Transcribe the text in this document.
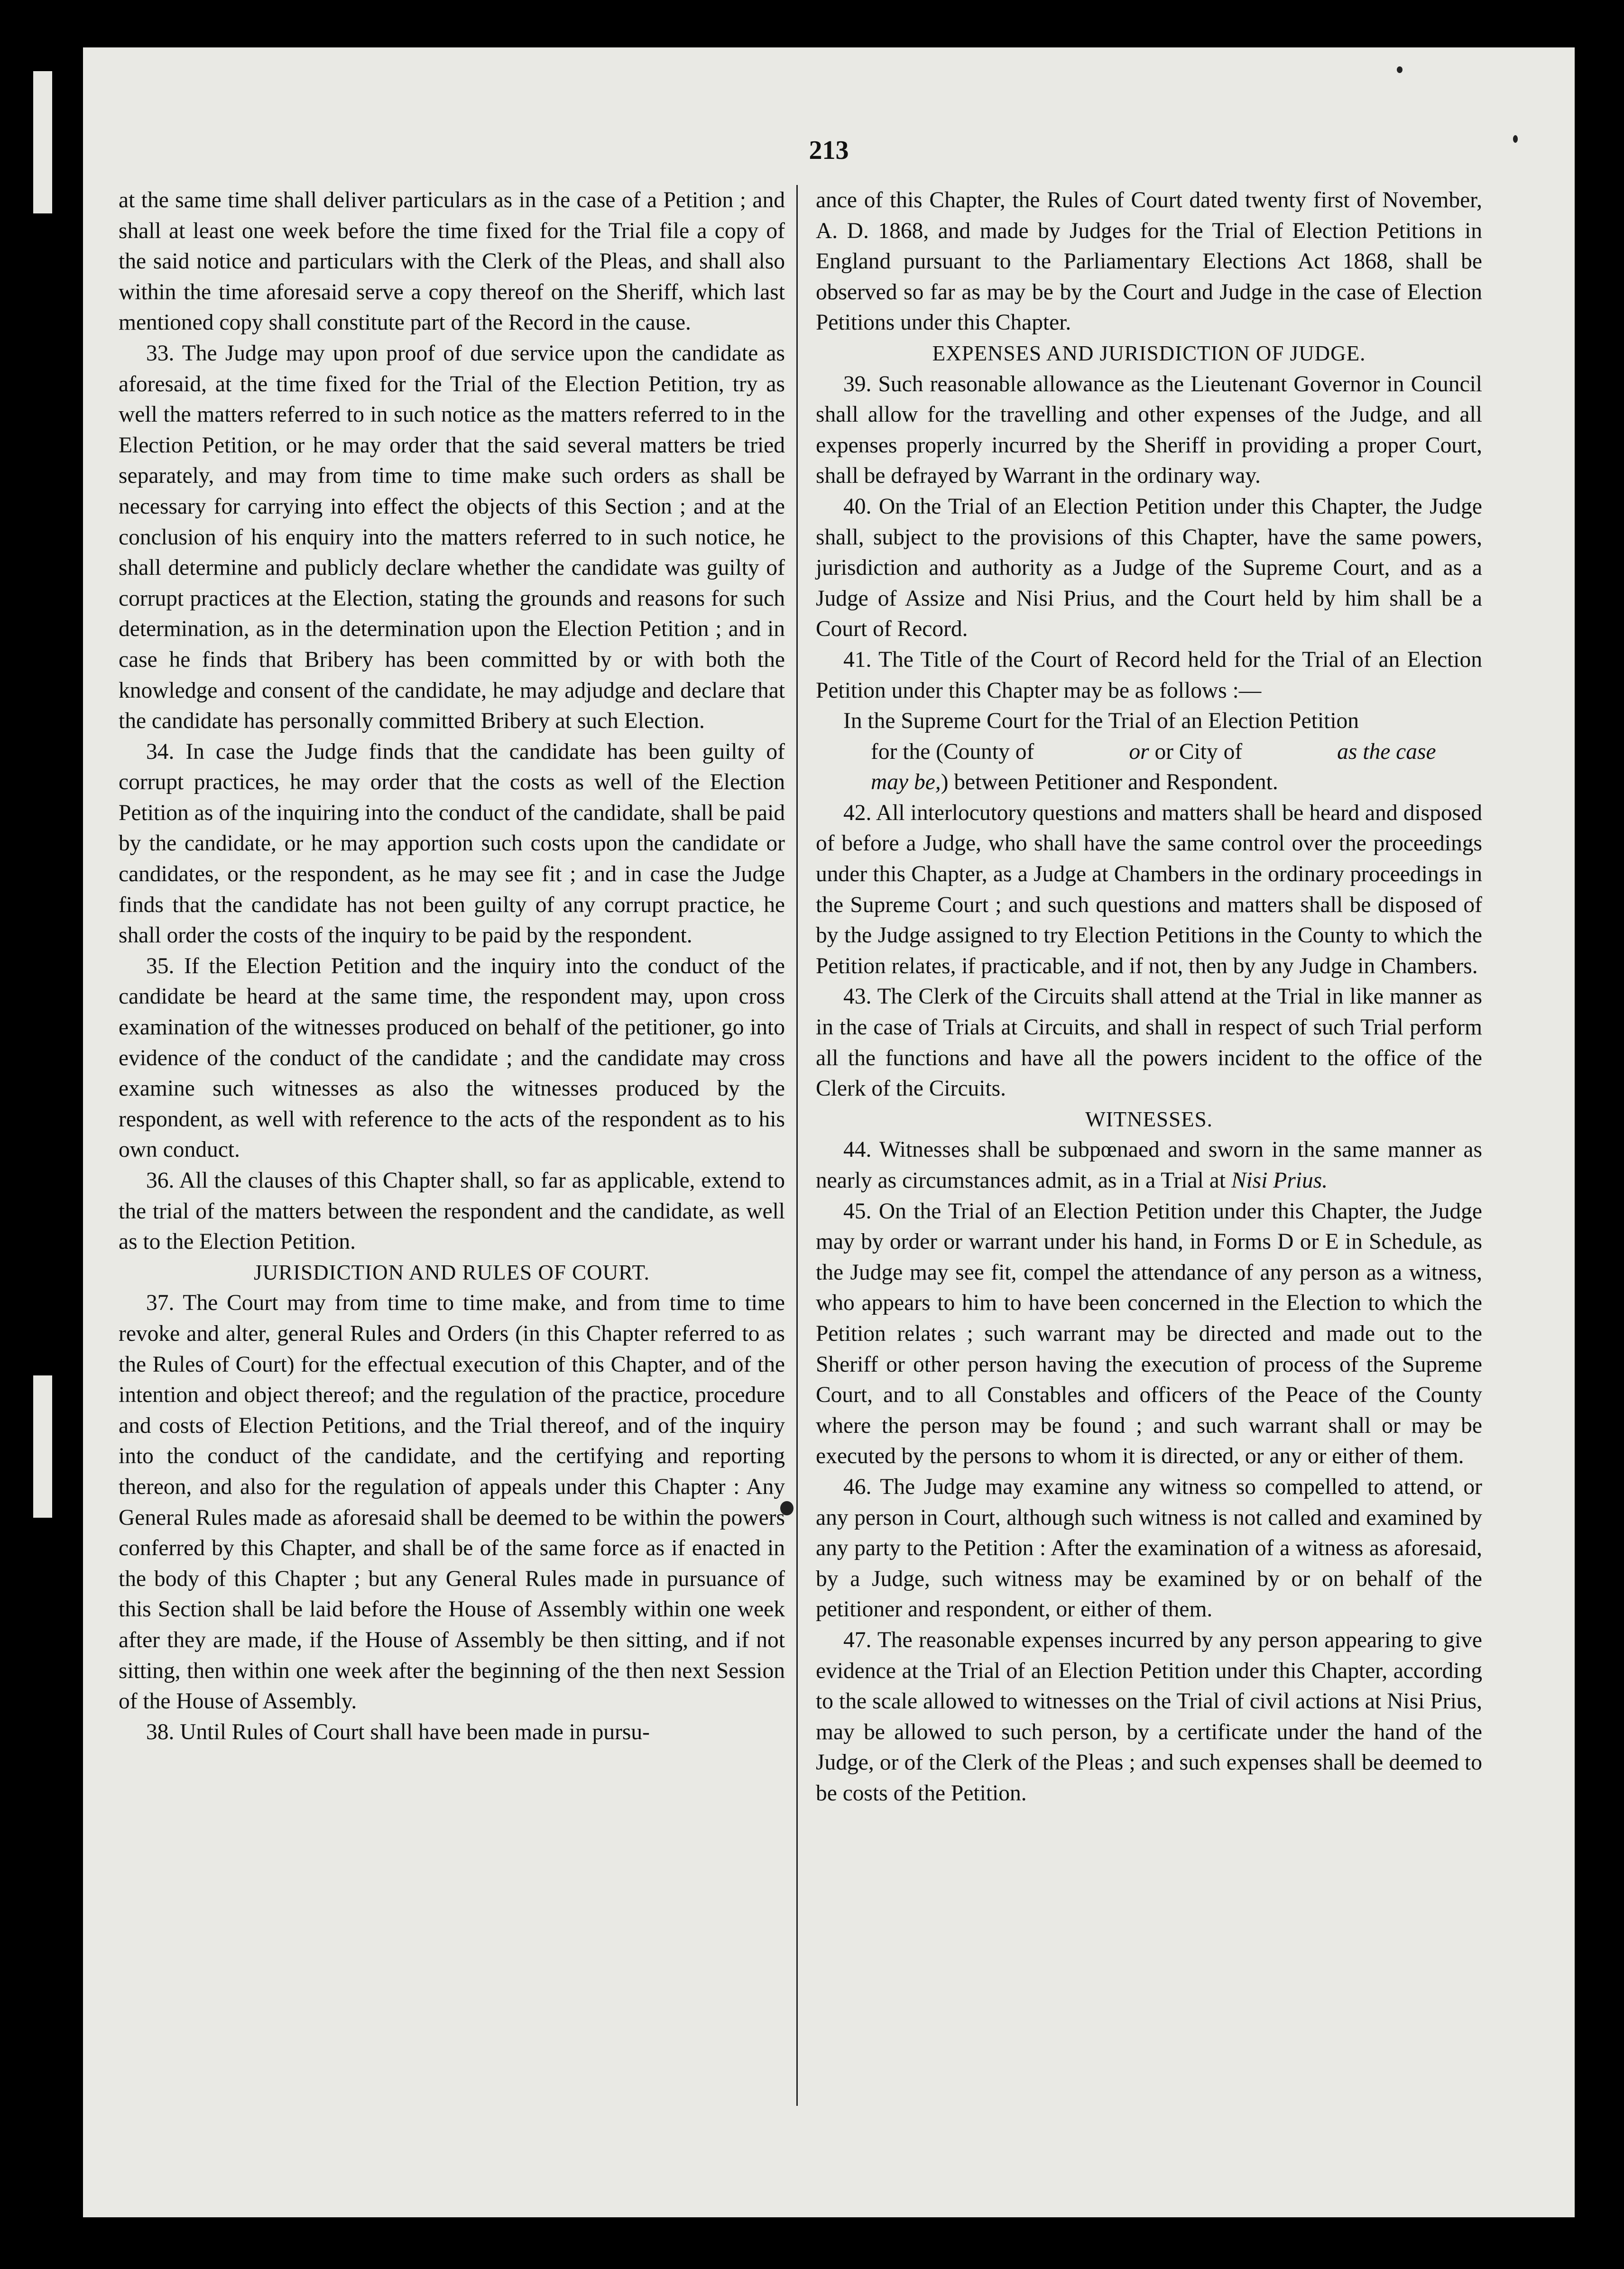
213

at the same time shall deliver particulars as in the case of a Petition ; and shall at least one week before the time fixed for the Trial file a copy of the said notice and particulars with the Clerk of the Pleas, and shall also within the time aforesaid serve a copy thereof on the Sheriff, which last mentioned copy shall constitute part of the Record in the cause.

33. The Judge may upon proof of due service upon the candidate as aforesaid, at the time fixed for the Trial of the Election Petition, try as well the matters referred to in such notice as the matters referred to in the Election Petition, or he may order that the said several matters be tried separately, and may from time to time make such orders as shall be necessary for carrying into effect the objects of this Section ; and at the conclusion of his enquiry into the matters referred to in such notice, he shall determine and publicly declare whether the candidate was guilty of corrupt practices at the Election, stating the grounds and reasons for such determination, as in the determination upon the Election Petition ; and in case he finds that Bribery has been committed by or with both the knowledge and consent of the candidate, he may adjudge and declare that the candidate has personally committed Bribery at such Election.

34. In case the Judge finds that the candidate has been guilty of corrupt practices, he may order that the costs as well of the Election Petition as of the inquiring into the conduct of the candidate, shall be paid by the candidate, or he may apportion such costs upon the candidate or candidates, or the respondent, as he may see fit ; and in case the Judge finds that the candidate has not been guilty of any corrupt practice, he shall order the costs of the inquiry to be paid by the respondent.

35. If the Election Petition and the inquiry into the conduct of the candidate be heard at the same time, the respondent may, upon cross examination of the witnesses produced on behalf of the petitioner, go into evidence of the conduct of the candidate ; and the candidate may cross examine such witnesses as also the witnesses produced by the respondent, as well with reference to the acts of the respondent as to his own conduct.

36. All the clauses of this Chapter shall, so far as applicable, extend to the trial of the matters between the respondent and the candidate, as well as to the Election Petition.

JURISDICTION AND RULES OF COURT.

37. The Court may from time to time make, and from time to time revoke and alter, general Rules and Orders (in this Chapter referred to as the Rules of Court) for the effectual execution of this Chapter, and of the intention and object thereof; and the regulation of the practice, procedure and costs of Election Petitions, and the Trial thereof, and of the inquiry into the conduct of the candidate, and the certifying and reporting thereon, and also for the regulation of appeals under this Chapter : Any General Rules made as aforesaid shall be deemed to be within the powers conferred by this Chapter, and shall be of the same force as if enacted in the body of this Chapter ; but any General Rules made in pursuance of this Section shall be laid before the House of Assembly within one week after they are made, if the House of Assembly be then sitting, and if not sitting, then within one week after the beginning of the then next Session of the House of Assembly.

38. Until Rules of Court shall have been made in pursu-

ance of this Chapter, the Rules of Court dated twenty first of November, A. D. 1868, and made by Judges for the Trial of Election Petitions in England pursuant to the Parliamentary Elections Act 1868, shall be observed so far as may be by the Court and Judge in the case of Election Petitions under this Chapter.

EXPENSES AND JURISDICTION OF JUDGE.

39. Such reasonable allowance as the Lieutenant Governor in Council shall allow for the travelling and other expenses of the Judge, and all expenses properly incurred by the Sheriff in providing a proper Court, shall be defrayed by Warrant in the ordinary way.

40. On the Trial of an Election Petition under this Chapter, the Judge shall, subject to the provisions of this Chapter, have the same powers, jurisdiction and authority as a Judge of the Supreme Court, and as a Judge of Assize and Nisi Prius, and the Court held by him shall be a Court of Record.

41. The Title of the Court of Record held for the Trial of an Election Petition under this Chapter may be as follows :—

In the Supreme Court for the Trial of an Election Petition
for the (County of	or or City of	as the case
may be,) between Petitioner and Respondent.

42. All interlocutory questions and matters shall be heard and disposed of before a Judge, who shall have the same control over the proceedings under this Chapter, as a Judge at Chambers in the ordinary proceedings in the Supreme Court ; and such questions and matters shall be disposed of by the Judge assigned to try Election Petitions in the County to which the Petition relates, if practicable, and if not, then by any Judge in Chambers.

43. The Clerk of the Circuits shall attend at the Trial in like manner as in the case of Trials at Circuits, and shall in respect of such Trial perform all the functions and have all the powers incident to the office of the Clerk of the Circuits.

WITNESSES.

44. Witnesses shall be subpœnaed and sworn in the same manner as nearly as circumstances admit, as in a Trial at Nisi Prius.

45. On the Trial of an Election Petition under this Chapter, the Judge may by order or warrant under his hand, in Forms D or E in Schedule, as the Judge may see fit, compel the attendance of any person as a witness, who appears to him to have been concerned in the Election to which the Petition relates ; such warrant may be directed and made out to the Sheriff or other person having the execution of process of the Supreme Court, and to all Constables and officers of the Peace of the County where the person may be found ; and such warrant shall or may be executed by the persons to whom it is directed, or any or either of them.

46. The Judge may examine any witness so compelled to attend, or any person in Court, although such witness is not called and examined by any party to the Petition : After the examination of a witness as aforesaid, by a Judge, such witness may be examined by or on behalf of the petitioner and respondent, or either of them.

47. The reasonable expenses incurred by any person appearing to give evidence at the Trial of an Election Petition under this Chapter, according to the scale allowed to witnesses on the Trial of civil actions at Nisi Prius, may be allowed to such person, by a certificate under the hand of the Judge, or of the Clerk of the Pleas ; and such expenses shall be deemed to be costs of the Petition.
